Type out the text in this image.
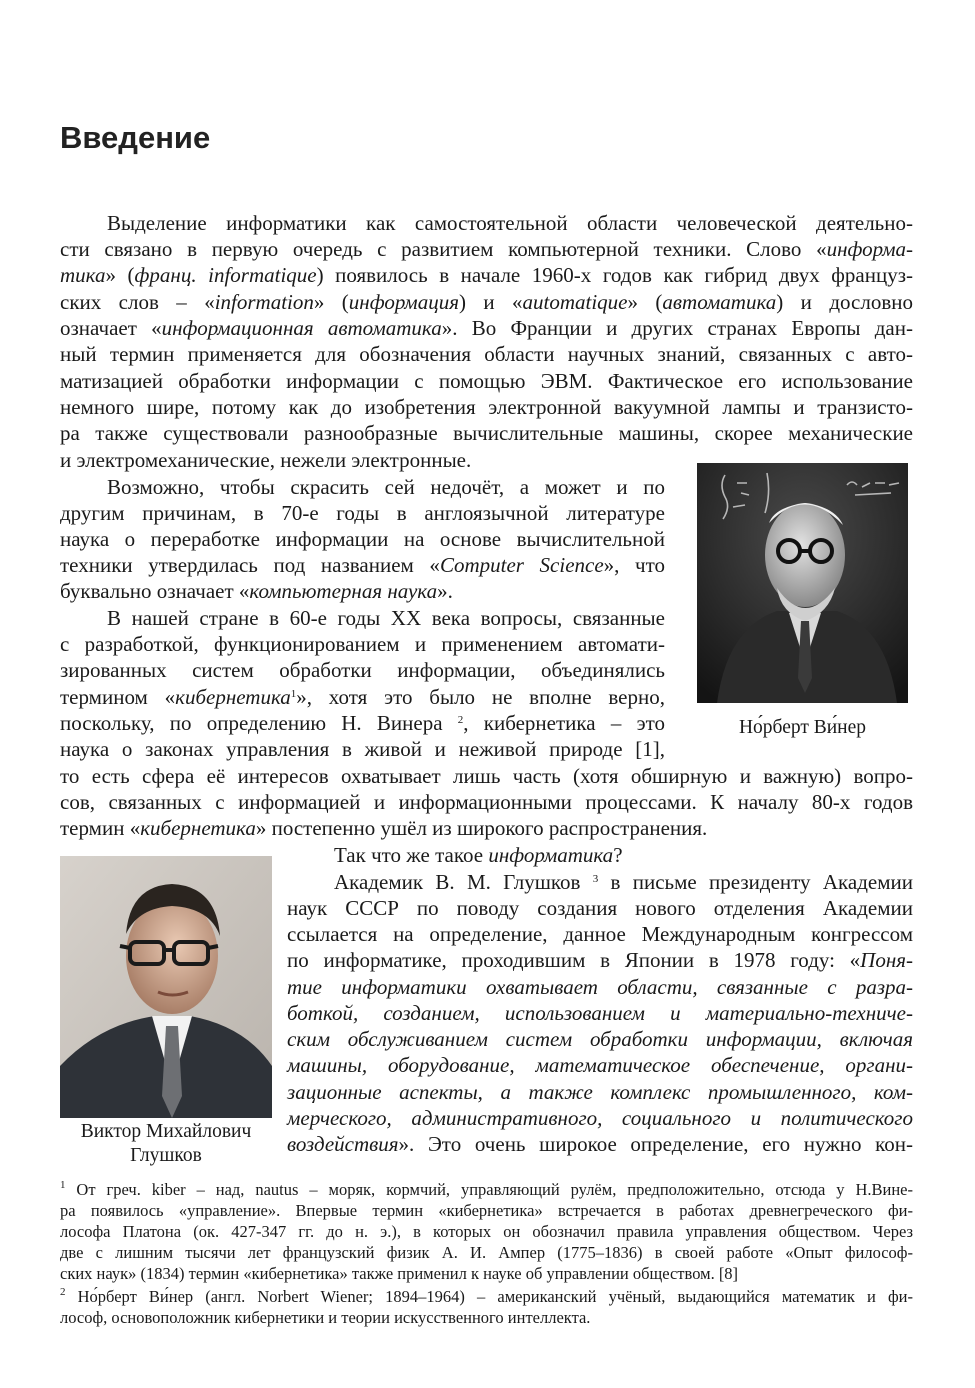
Введение
Выделение информатики как самостоятельной области человеческой деятельно-
сти связано в первую очередь с развитием компьютерной техники. Слово «информа-
тика» (франц. informatique) появилось в начале 1960-х годов как гибрид двух француз-
ских слов – «information» (информация) и «automatique» (автоматика) и дословно
означает «информационная автоматика». Во Франции и других странах Европы дан-
ный термин применяется для обозначения области научных знаний, связанных с авто-
матизацией обработки информации с помощью ЭВМ. Фактическое его использование
немного шире, потому как до изобретения электронной вакуумной лампы и транзисто-
ра также существовали разнообразные вычислительные машины, скорее механические
и электромеханические, нежели электронные.
Возможно, чтобы скрасить сей недочёт, а может и по
другим причинам, в 70-е годы в англоязычной литературе
наука о переработке информации на основе вычислительной
техники утвердилась под названием «Computer Science», что
буквально означает «компьютерная наука».
В нашей стране в 60-е годы XX века вопросы, связанные
с разработкой, функционированием и применением автомати-
зированных систем обработки информации, объединялись
термином «кибернетика$^1$», хотя это было не вполне верно,
поскольку, по определению Н. Винера $^2$, кибернетика – это
наука о законах управления в живой и неживой природе [1],
то есть сфера её интересов охватывает лишь часть (хотя обширную и важную) вопро-
сов, связанных с информацией и информационными процессами. К началу 80-х годов
термин «кибернетика» постепенно ушёл из широкого распространения.
Так что же такое информатика?
Академик В. М. Глушков $^3$ в письме президенту Академии
наук СССР по поводу создания нового отделения Академии
ссылается на определение, данное Международным конгрессом
по информатике, проходившим в Японии в 1978 году: «Поня-
тие информатики охватывает области, связанные с разра-
боткой, созданием, использованием и материально-техниче-
ским обслуживанием систем обработки информации, включая
машины, оборудование, математическое обеспечение, органи-
зационные аспекты, а также комплекс промышленного, ком-
мерческого, административного, социального и политического
воздействия». Это очень широкое определение, его нужно кон-
Но́рберт Ви́нер
Виктор Михайлович
Глушков
$^1$ От греч. kiber – над, nautus – моряк, кормчий, управляющий рулём, предположительно, отсюда у Н.Вине-
ра появилось «управление». Впервые термин «кибернетика» встречается в работах древнегреческого фи-
лософа Платона (ок. 427-347 гг. до н. э.), в которых он обозначил правила управления обществом. Через
две с лишним тысячи лет французский физик А. И. Ампер (1775–1836) в своей работе «Опыт философ-
ских наук» (1834) термин «кибернетика» также применил к науке об управлении обществом. [8]
$^2$ Но́рберт Ви́нер (англ. Norbert Wiener; 1894–1964) – американский учёный, выдающийся математик и фи-
лософ, основоположник кибернетики и теории искусственного интеллекта.
